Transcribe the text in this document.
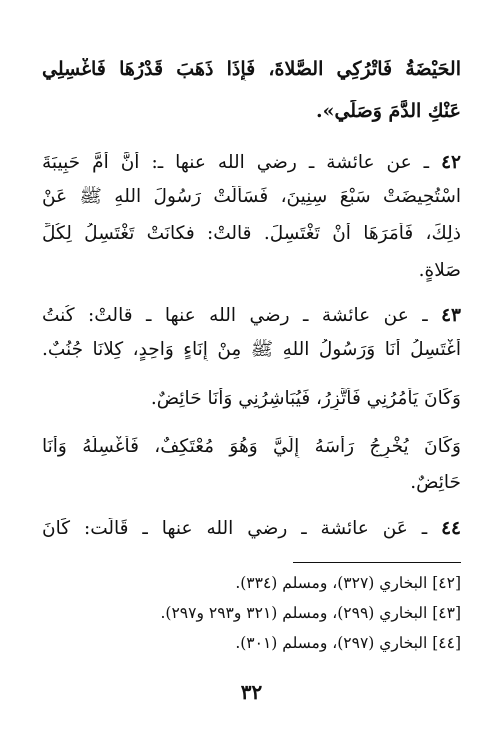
الحَيْضَةُ فَاتْرُكِي الصَّلاةَ، فَإِذَا ذَهَبَ قَدْرُهَا فَاغْسِلِي
عَنْكِ الدَّمَ وَصَلِّي».
٤٢ ـ عن عائشة ـ رضي الله عنها ـ: أَنَّ أُمَّ حَبِيبَةَ
اسْتُحِيضَتْ سَبْعَ سِنِينَ، فَسَأَلَتْ رَسُولَ اللهِ ﷺ عَنْ
ذلِكَ، فَأَمَرَهَا أَنْ تَغْتَسِلَ. قالتْ: فكانَتْ تَغْتَسِلُ لِكُلِّ
صَلاةٍ.
٤٣ ـ عن عائشة ـ رضي الله عنها ـ قالتْ: كُنتُ
أَغْتَسِلُ أَنَا وَرَسُولُ اللهِ ﷺ مِنْ إِنَاءٍ وَاحِدٍ، كِلانَا جُنُبٌ.
وَكَانَ يَأْمُرُنِي فَأَتَّزِرُ، فَيُبَاشِرُنِي وَأَنَا حَائِضٌ.
وَكَانَ يُخْرِجُ رَأْسَهُ إِلَيَّ وَهُوَ مُعْتَكِفٌ، فَأَغْسِلُهُ وَأَنَا
حَائِضٌ.
٤٤ ـ عَن عائشة ـ رضي الله عنها ـ قَالَت: كَانَ
[٤٢] البخاري (٣٢٧)، ومسلم (٣٣٤).
[٤٣] البخاري (٢٩٩)، ومسلم (٣٢١ و٢٩٣ و٢٩٧).
[٤٤] البخاري (٢٩٧)، ومسلم (٣٠١).
٣٢
